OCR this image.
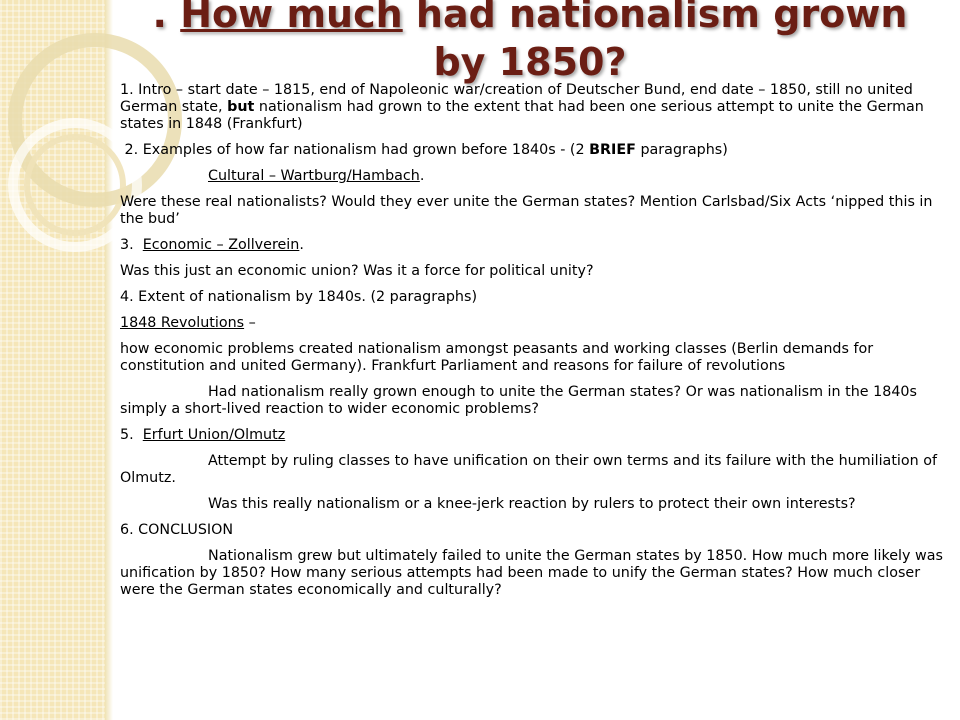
. How much had nationalism grown by 1850?

1. Intro – start date – 1815, end of Napoleonic war/creation of Deutscher Bund, end date – 1850, still no united German state, but nationalism had grown to the extent that had been one serious attempt to unite the German states in 1848 (Frankfurt)

2. Examples of how far nationalism had grown before 1840s - (2 BRIEF paragraphs)

Cultural – Wartburg/Hambach.

Were these real nationalists? Would they ever unite the German states? Mention Carlsbad/Six Acts ‘nipped this in the bud’

3. Economic – Zollverein.

Was this just an economic union? Was it a force for political unity?

4. Extent of nationalism by 1840s. (2 paragraphs)

1848 Revolutions –

how economic problems created nationalism amongst peasants and working classes (Berlin demands for constitution and united Germany). Frankfurt Parliament and reasons for failure of revolutions

Had nationalism really grown enough to unite the German states? Or was nationalism in the 1840s simply a short-lived reaction to wider economic problems?

5. Erfurt Union/Olmutz

Attempt by ruling classes to have unification on their own terms and its failure with the humiliation of Olmutz.

Was this really nationalism or a knee-jerk reaction by rulers to protect their own interests?

6. CONCLUSION

Nationalism grew but ultimately failed to unite the German states by 1850. How much more likely was unification by 1850? How many serious attempts had been made to unify the German states? How much closer were the German states economically and culturally?
